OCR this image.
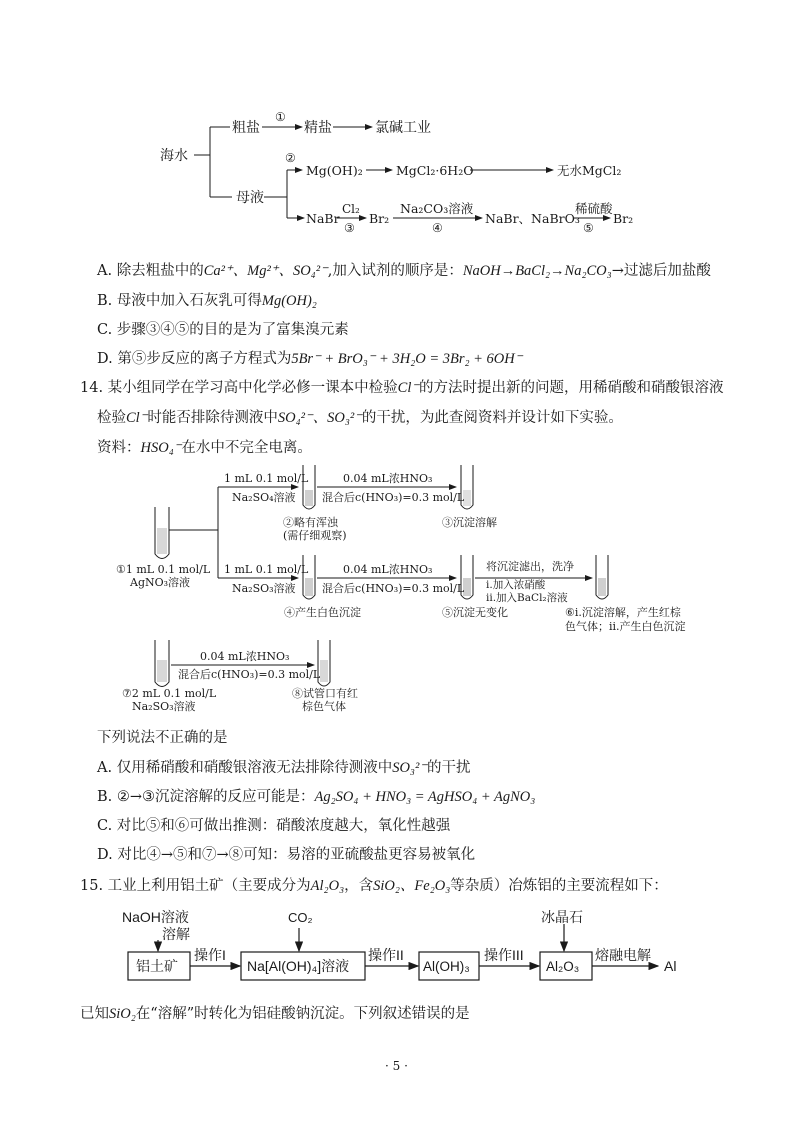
海水
粗盐
①
精盐	氯碱工业
母液
②
Mg(OH)₂	MgCl₂·6H₂O	无水MgCl₂
NaBr
Cl₂
③
Br₂
Na₂CO₃溶液
④
NaBr、NaBrO₃
稀硫酸
⑤
Br₂
A. 除去粗盐中的Ca²⁺、Mg²⁺、SO₄²⁻,加入试剂的顺序是：NaOH→BaCl₂→Na₂CO₃→过滤后加盐酸
B. 母液中加入石灰乳可得Mg(OH)₂
C. 步骤③④⑤的目的是为了富集溴元素
D. 第⑤步反应的离子方程式为5Br⁻ + BrO₃⁻ + 3H₂O = 3Br₂ + 6OH⁻
14. 某小组同学在学习高中化学必修一课本中检验Cl⁻的方法时提出新的问题，用稀硝酸和硝酸银溶液
检验Cl⁻时能否排除待测液中SO₄²⁻、SO₃²⁻的干扰，为此查阅资料并设计如下实验。
资料：HSO₄⁻在水中不完全电离。
①1 mL 0.1 mol/L
AgNO₃溶液
1 mL 0.1 mol/L
Na₂SO₄溶液
②略有浑浊
(需仔细观察)
0.04 mL浓HNO₃
混合后c(HNO₃)=0.3 mol/L
③沉淀溶解
1 mL 0.1 mol/L
Na₂SO₃溶液
④产生白色沉淀
0.04 mL浓HNO₃
混合后c(HNO₃)=0.3 mol/L
⑤沉淀无变化
将沉淀滤出，洗净
i.加入浓硝酸
ii.加入BaCl₂溶液
⑥i.沉淀溶解，产生红棕
色气体；ii.产生白色沉淀
0.04 mL浓HNO₃
混合后c(HNO₃)=0.3 mol/L
⑦2 mL 0.1 mol/L
Na₂SO₃溶液
⑧试管口有红
棕色气体
下列说法不正确的是
A. 仅用稀硝酸和硝酸银溶液无法排除待测液中SO₃²⁻的干扰
B. ②→③沉淀溶解的反应可能是：Ag₂SO₄ + HNO₃ = AgHSO₄ + AgNO₃
C. 对比⑤和⑥可做出推测：硝酸浓度越大，氧化性越强
D. 对比④→⑤和⑦→⑧可知：易溶的亚硫酸盐更容易被氧化
15. 工业上利用铝土矿（主要成分为Al₂O₃，含SiO₂、Fe₂O₃等杂质）冶炼铝的主要流程如下：
NaOH溶液
溶解
CO₂	冰晶石
铝土矿
操作I
Na[Al(OH)₄]溶液
操作II
Al(OH)₃
操作III
Al₂O₃
熔融电解
Al
已知SiO₂在“溶解”时转化为铝硅酸钠沉淀。下列叙述错误的是
· 5 ·
